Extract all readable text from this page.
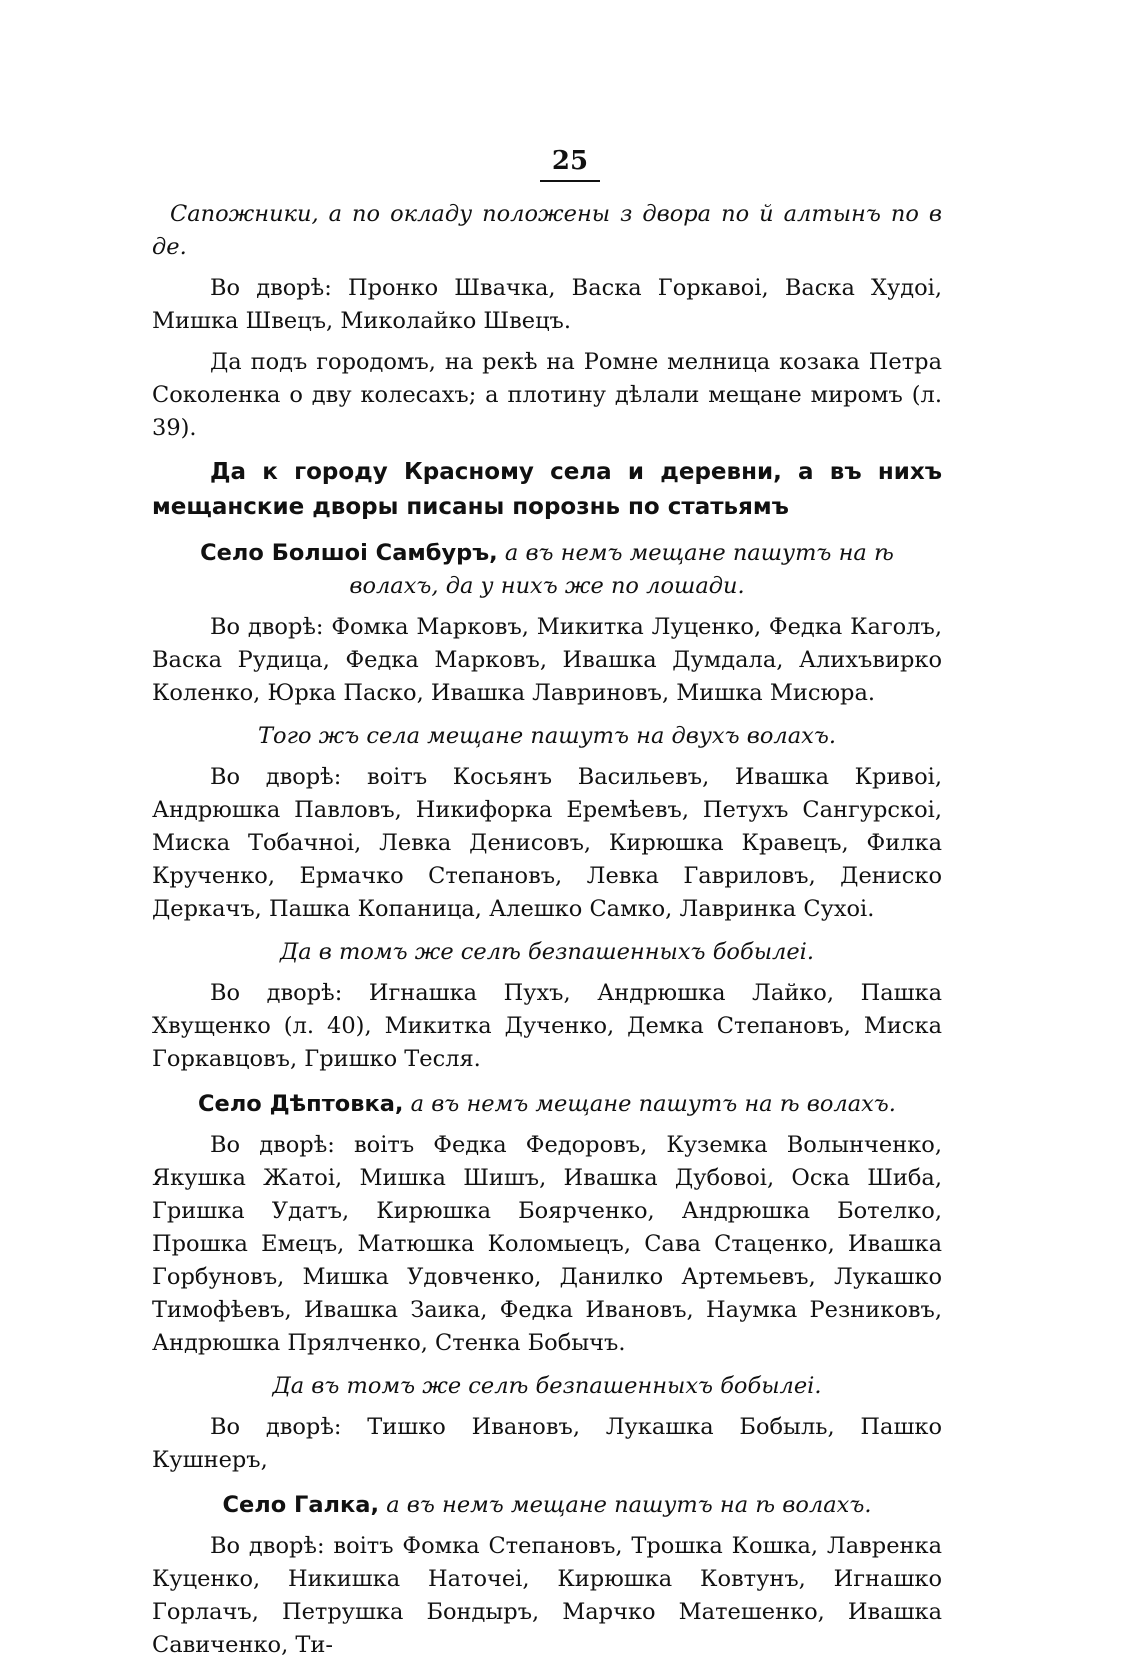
25

Сапожники, а по окладу положены з двора по й алтынъ по в де.

Во дворѣ: Пронко Швачка, Васка Горкавоі, Васка Худоі, Мишка Швецъ, Миколайко Швецъ.

Да подъ городомъ, на рекѣ на Ромне мелница козака Петра Соколенка о дву колесахъ; а плотину дѣлали мещане миромъ (л. 39).

Да к городу Красному села и деревни, а въ нихъ мещанские дворы писаны порознь по статьямъ

Село Болшоі Самбуръ, а въ немъ мещане пашутъ на ѣ волахъ, да у нихъ же по лошади.

Во дворѣ: Фомка Марковъ, Микитка Луценко, Федка Каголъ, Васка Рудица, Федка Марковъ, Ивашка Думдала, Алихъвирко Коленко, Юрка Паско, Ивашка Лавриновъ, Мишка Мисюра.

Того жъ села мещане пашутъ на двухъ волахъ.

Во дворѣ: воітъ Косьянъ Васильевъ, Ивашка Кривоі, Андрюшка Павловъ, Никифорка Еремѣевъ, Петухъ Сангурскоі, Миска Тобачноі, Левка Денисовъ, Кирюшка Кравецъ, Филка Крученко, Ермачко Степановъ, Левка Гавриловъ, Дениско Деркачъ, Пашка Копаница, Алешко Самко, Лавринка Сухоі.

Да в томъ же селѣ безпашенныхъ бобылеі.

Во дворѣ: Игнашка Пухъ, Андрюшка Лайко, Пашка Хвущенко (л. 40), Микитка Дученко, Демка Степановъ, Миска Горкавцовъ, Гришко Тесля.

Село Дѣптовка, а въ немъ мещане пашутъ на ѣ волахъ.

Во дворѣ: воітъ Федка Федоровъ, Куземка Волынченко, Якушка Жатоі, Мишка Шишъ, Ивашка Дубовоі, Оска Шиба, Гришка Удатъ, Кирюшка Боярченко, Андрюшка Ботелко, Прошка Емецъ, Матюшка Коломыецъ, Сава Стаценко, Ивашка Горбуновъ, Мишка Удовченко, Данилко Артемьевъ, Лукашко Тимофѣевъ, Ивашка Заика, Федка Ивановъ, Наумка Резниковъ, Андрюшка Прялченко, Стенка Бобычъ.

Да въ томъ же селѣ безпашенныхъ бобылеі.

Во дворѣ: Тишко Ивановъ, Лукашка Бобыль, Пашко Кушнеръ,

Село Галка, а въ немъ мещане пашутъ на ѣ волахъ.

Во дворѣ: воітъ Фомка Степановъ, Трошка Кошка, Лавренка Куценко, Никишка Наточеі, Кирюшка Ковтунъ, Игнашко Горлачъ, Петрушка Бондыръ, Марчко Матешенко, Ивашка Савиченко, Ти-
